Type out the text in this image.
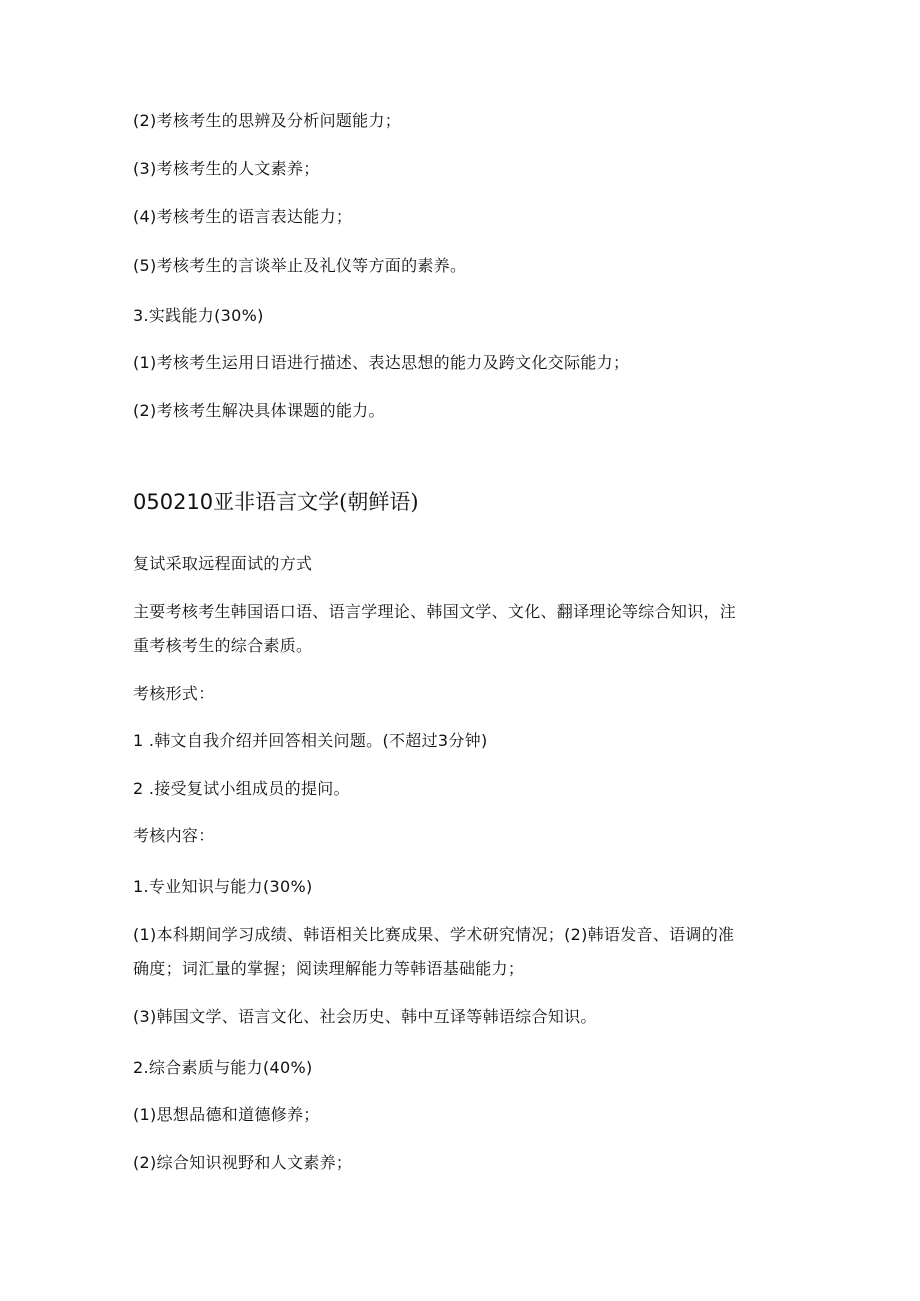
(2)考核考生的思辨及分析问题能力；
(3)考核考生的人文素养；
(4)考核考生的语言表达能力；
(5)考核考生的言谈举止及礼仪等方面的素养。
3.实践能力(30%)
(1)考核考生运用日语进行描述、表达思想的能力及跨文化交际能力；
(2)考核考生解决具体课题的能力。
050210亚非语言文学(朝鲜语)
复试采取远程面试的方式
主要考核考生韩国语口语、语言学理论、韩国文学、文化、翻译理论等综合知识，注
重考核考生的综合素质。
考核形式：
1 .韩文自我介绍并回答相关问题。(不超过3分钟)
2 .接受复试小组成员的提问。
考核内容：
1.专业知识与能力(30%)
(1)本科期间学习成绩、韩语相关比赛成果、学术研究情况；(2)韩语发音、语调的准
确度；词汇量的掌握；阅读理解能力等韩语基础能力；
(3)韩国文学、语言文化、社会历史、韩中互译等韩语综合知识。
2.综合素质与能力(40%)
(1)思想品德和道德修养；
(2)综合知识视野和人文素养；
